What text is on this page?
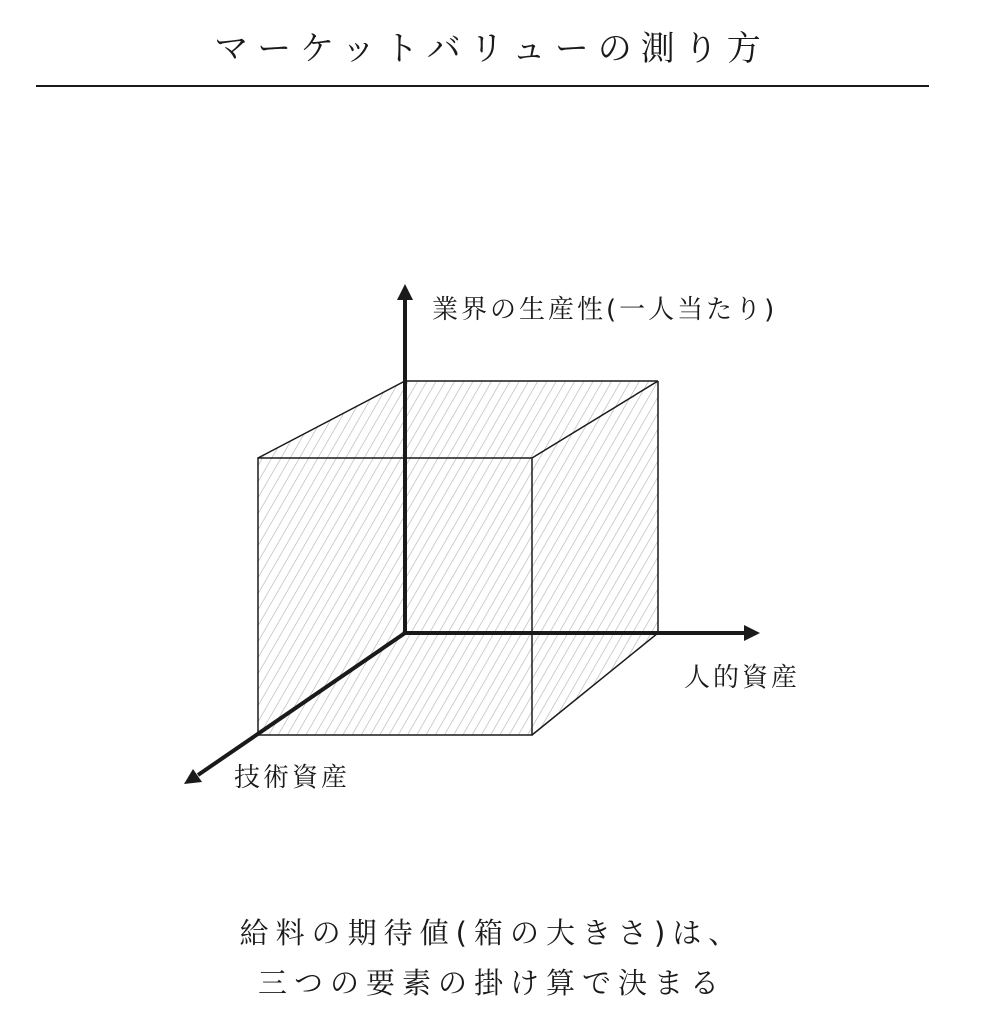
マーケットバリューの測り方
業界の生産性(一人当たり)
人的資産
技術資産
給料の期待値(箱の大きさ)は、
三つの要素の掛け算で決まる
